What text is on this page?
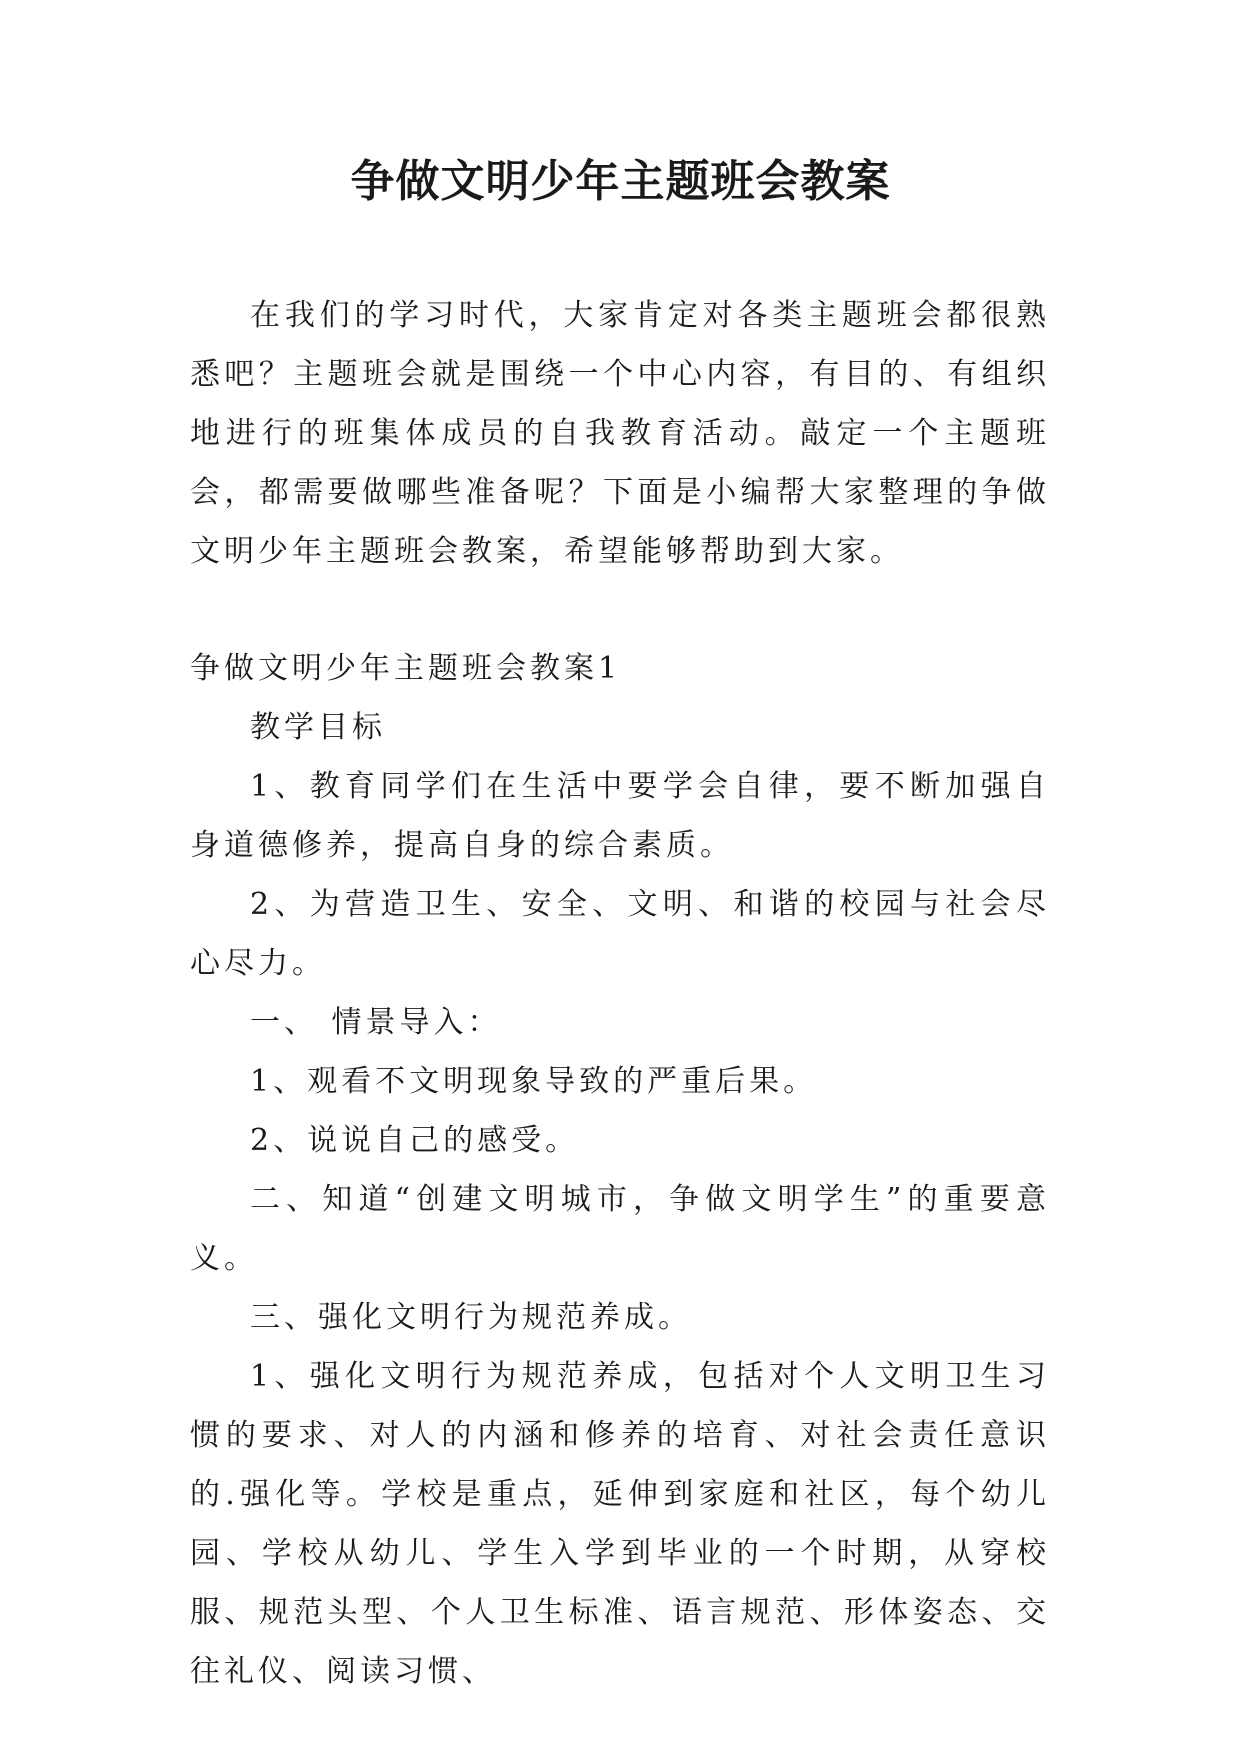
争做文明少年主题班会教案

在我们的学习时代，大家肯定对各类主题班会都很熟悉吧？主题班会就是围绕一个中心内容，有目的、有组织地进行的班集体成员的自我教育活动。敲定一个主题班会，都需要做哪些准备呢？下面是小编帮大家整理的争做文明少年主题班会教案，希望能够帮助到大家。

争做文明少年主题班会教案1

教学目标

1、教育同学们在生活中要学会自律，要不断加强自身道德修养，提高自身的综合素质。

2、为营造卫生、安全、文明、和谐的校园与社会尽心尽力。

一、 情景导入：

1、观看不文明现象导致的严重后果。

2、说说自己的感受。

二、知道“创建文明城市，争做文明学生”的重要意义。

三、强化文明行为规范养成。

1、强化文明行为规范养成，包括对个人文明卫生习惯的要求、对人的内涵和修养的培育、对社会责任意识的.强化等。学校是重点，延伸到家庭和社区，每个幼儿园、学校从幼儿、学生入学到毕业的一个时期，从穿校服、规范头型、个人卫生标准、语言规范、形体姿态、交往礼仪、阅读习惯、
